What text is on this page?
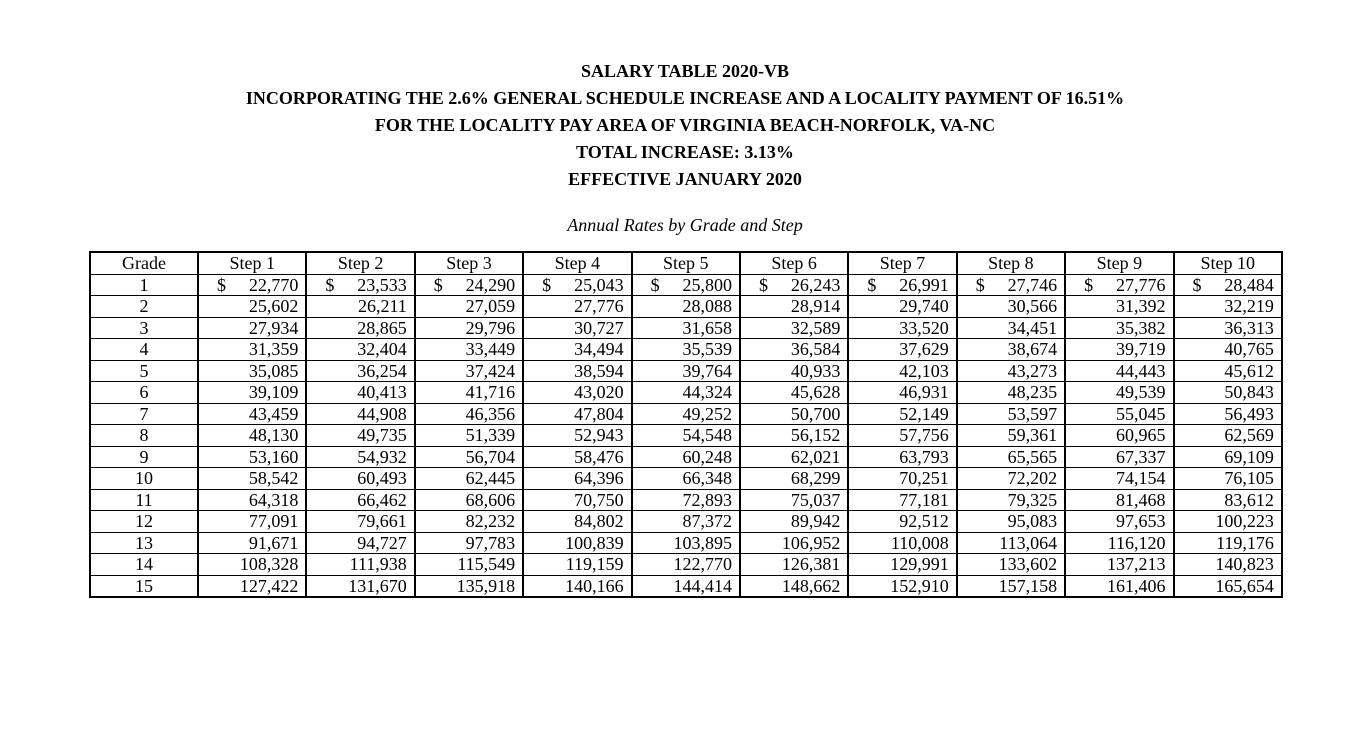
SALARY TABLE 2020-VB
INCORPORATING THE 2.6% GENERAL SCHEDULE INCREASE AND A LOCALITY PAYMENT OF 16.51%
FOR THE LOCALITY PAY AREA OF VIRGINIA BEACH-NORFOLK, VA-NC
TOTAL INCREASE: 3.13%
EFFECTIVE JANUARY 2020
Annual Rates by Grade and Step
Grade	Step 1	Step 2	Step 3	Step 4	Step 5	Step 6	Step 7	Step 8	Step 9	Step 10
1	$ 22,770	$ 23,533	$ 24,290	$ 25,043	$ 25,800	$ 26,243	$ 26,991	$ 27,746	$ 27,776	$ 28,484

2	25,602	26,211	27,059	27,776	28,088	28,914	29,740	30,566	31,392	32,219
3	27,934	28,865	29,796	30,727	31,658	32,589	33,520	34,451	35,382	36,313
4	31,359	32,404	33,449	34,494	35,539	36,584	37,629	38,674	39,719	40,765
5	35,085	36,254	37,424	38,594	39,764	40,933	42,103	43,273	44,443	45,612
6	39,109	40,413	41,716	43,020	44,324	45,628	46,931	48,235	49,539	50,843
7	43,459	44,908	46,356	47,804	49,252	50,700	52,149	53,597	55,045	56,493
8	48,130	49,735	51,339	52,943	54,548	56,152	57,756	59,361	60,965	62,569
9	53,160	54,932	56,704	58,476	60,248	62,021	63,793	65,565	67,337	69,109
10	58,542	60,493	62,445	64,396	66,348	68,299	70,251	72,202	74,154	76,105
11	64,318	66,462	68,606	70,750	72,893	75,037	77,181	79,325	81,468	83,612
12	77,091	79,661	82,232	84,802	87,372	89,942	92,512	95,083	97,653	100,223
13	91,671	94,727	97,783	100,839	103,895	106,952	110,008	113,064	116,120	119,176
14	108,328	111,938	115,549	119,159	122,770	126,381	129,991	133,602	137,213	140,823
15	127,422	131,670	135,918	140,166	144,414	148,662	152,910	157,158	161,406	165,654
